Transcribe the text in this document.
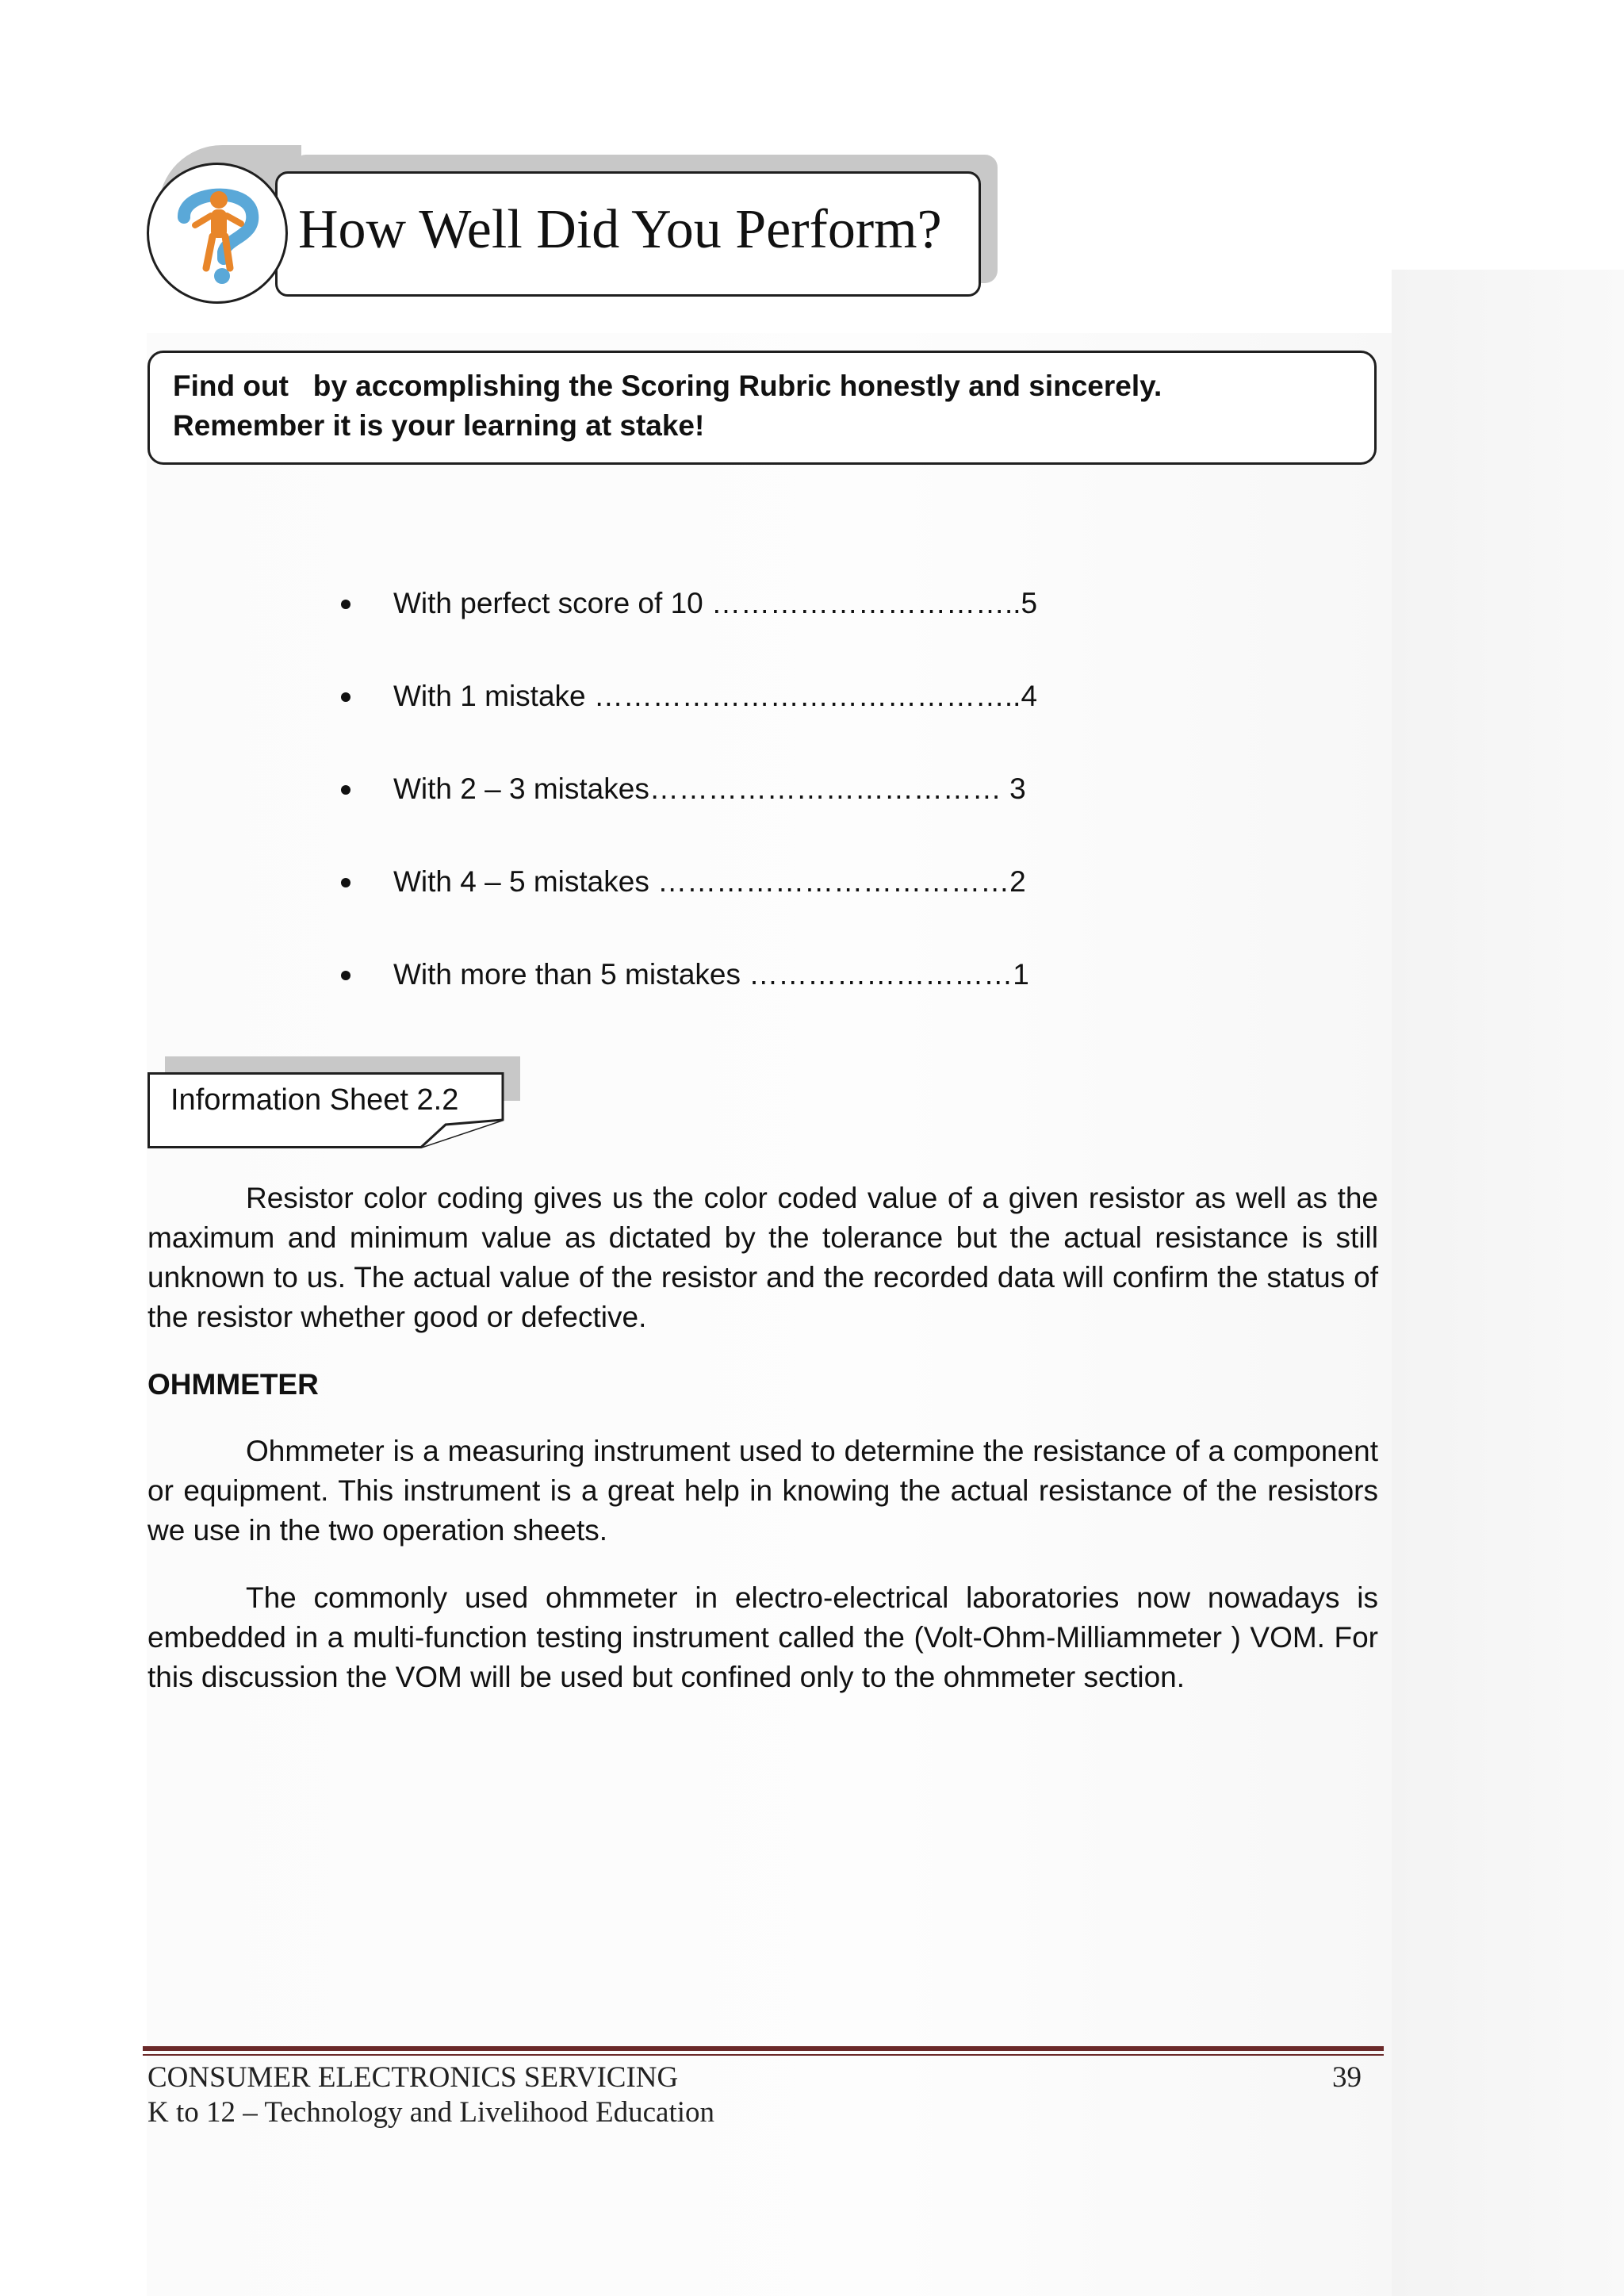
How Well Did You Perform?

Find out   by accomplishing the Scoring Rubric honestly and sincerely.

Remember it is your learning at stake!

With perfect score of 10 …………………………..5
With 1 mistake ……………………………………..4
With 2 – 3 mistakes……………………………… 3
With 4 – 5 mistakes ………………………………2
With more than 5 mistakes ………………………1
Information Sheet 2.2

Resistor color coding gives us the color coded value of a given resistor as well as the maximum and minimum value as dictated by the tolerance but the actual resistance is still unknown to us. The actual value of the resistor and the recorded data will confirm the status of the resistor whether good or defective.

OHMMETER

Ohmmeter is a measuring instrument used to determine the resistance of a component or equipment. This instrument is a great help in knowing the actual resistance of the resistors we use in the two operation sheets.

The commonly used ohmmeter in electro-electrical laboratories now nowadays is embedded in a multi-function testing instrument called the (Volt-Ohm-Milliammeter ) VOM. For this discussion the VOM will be used but confined only to the ohmmeter section.

CONSUMER ELECTRONICS SERVICING

K to 12 – Technology and Livelihood Education

39
